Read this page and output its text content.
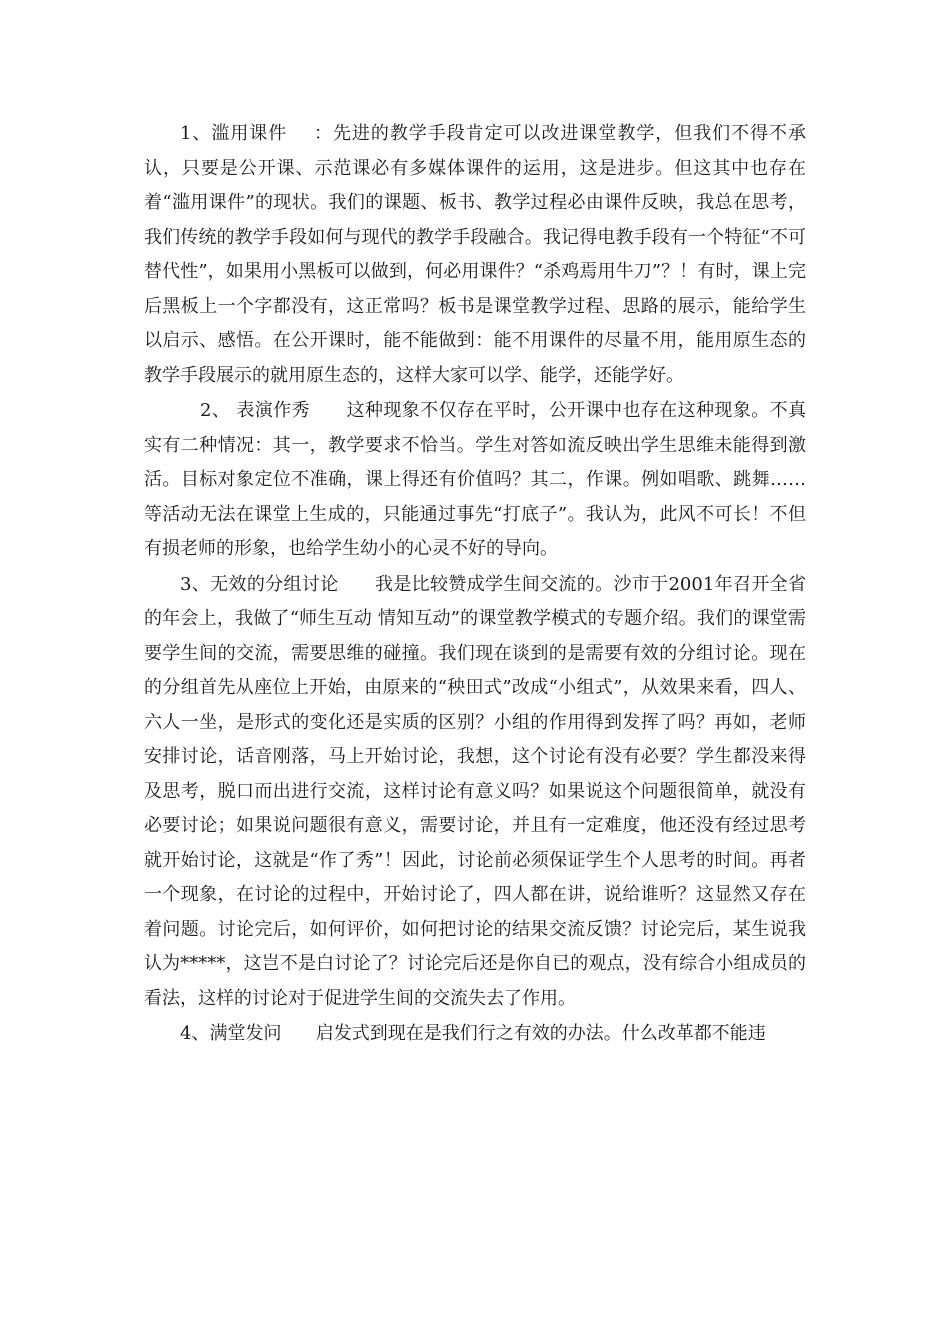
1、滥用课件    ：先进的教学手段肯定可以改进课堂教学，但我们不得不承认，只要是公开课、示范课必有多媒体课件的运用，这是进步。但这其中也存在着“滥用课件”的现状。我们的课题、板书、教学过程必由课件反映，我总在思考，我们传统的教学手段如何与现代的教学手段融合。我记得电教手段有一个特征“不可替代性”，如果用小黑板可以做到，何必用课件？“杀鸡焉用牛刀”？！有时，课上完后黑板上一个字都没有，这正常吗？板书是课堂教学过程、思路的展示，能给学生以启示、感悟。在公开课时，能不能做到：能不用课件的尽量不用，能用原生态的教学手段展示的就用原生态的，这样大家可以学、能学，还能学好。

2、 表演作秀 这种现象不仅存在平时，公开课中也存在这种现象。不真实有二种情况：其一，教学要求不恰当。学生对答如流反映出学生思维未能得到激活。目标对象定位不准确，课上得还有价值吗？其二，作课。例如唱歌、跳舞……等活动无法在课堂上生成的，只能通过事先“打底子”。我认为，此风不可长！不但有损老师的形象，也给学生幼小的心灵不好的导向。

3、无效的分组讨论 我是比较赞成学生间交流的。沙市于2001年召开全省的年会上，我做了“师生互动 情知互动”的课堂教学模式的专题介绍。我们的课堂需要学生间的交流，需要思维的碰撞。我们现在谈到的是需要有效的分组讨论。现在的分组首先从座位上开始，由原来的“秧田式”改成“小组式”，从效果来看，四人、六人一坐，是形式的变化还是实质的区别？小组的作用得到发挥了吗？再如，老师安排讨论，话音刚落，马上开始讨论，我想，这个讨论有没有必要？学生都没来得及思考，脱口而出进行交流，这样讨论有意义吗？如果说这个问题很简单，就没有必要讨论；如果说问题很有意义，需要讨论，并且有一定难度，他还没有经过思考就开始讨论，这就是“作了秀”！因此，讨论前必须保证学生个人思考的时间。再者一个现象，在讨论的过程中，开始讨论了，四人都在讲，说给谁听？这显然又存在着问题。讨论完后，如何评价，如何把讨论的结果交流反馈？讨论完后，某生说我认为*****，这岂不是白讨论了？讨论完后还是你自已的观点，没有综合小组成员的看法，这样的讨论对于促进学生间的交流失去了作用。

4、满堂发问 启发式到现在是我们行之有效的办法。什么改革都不能违
